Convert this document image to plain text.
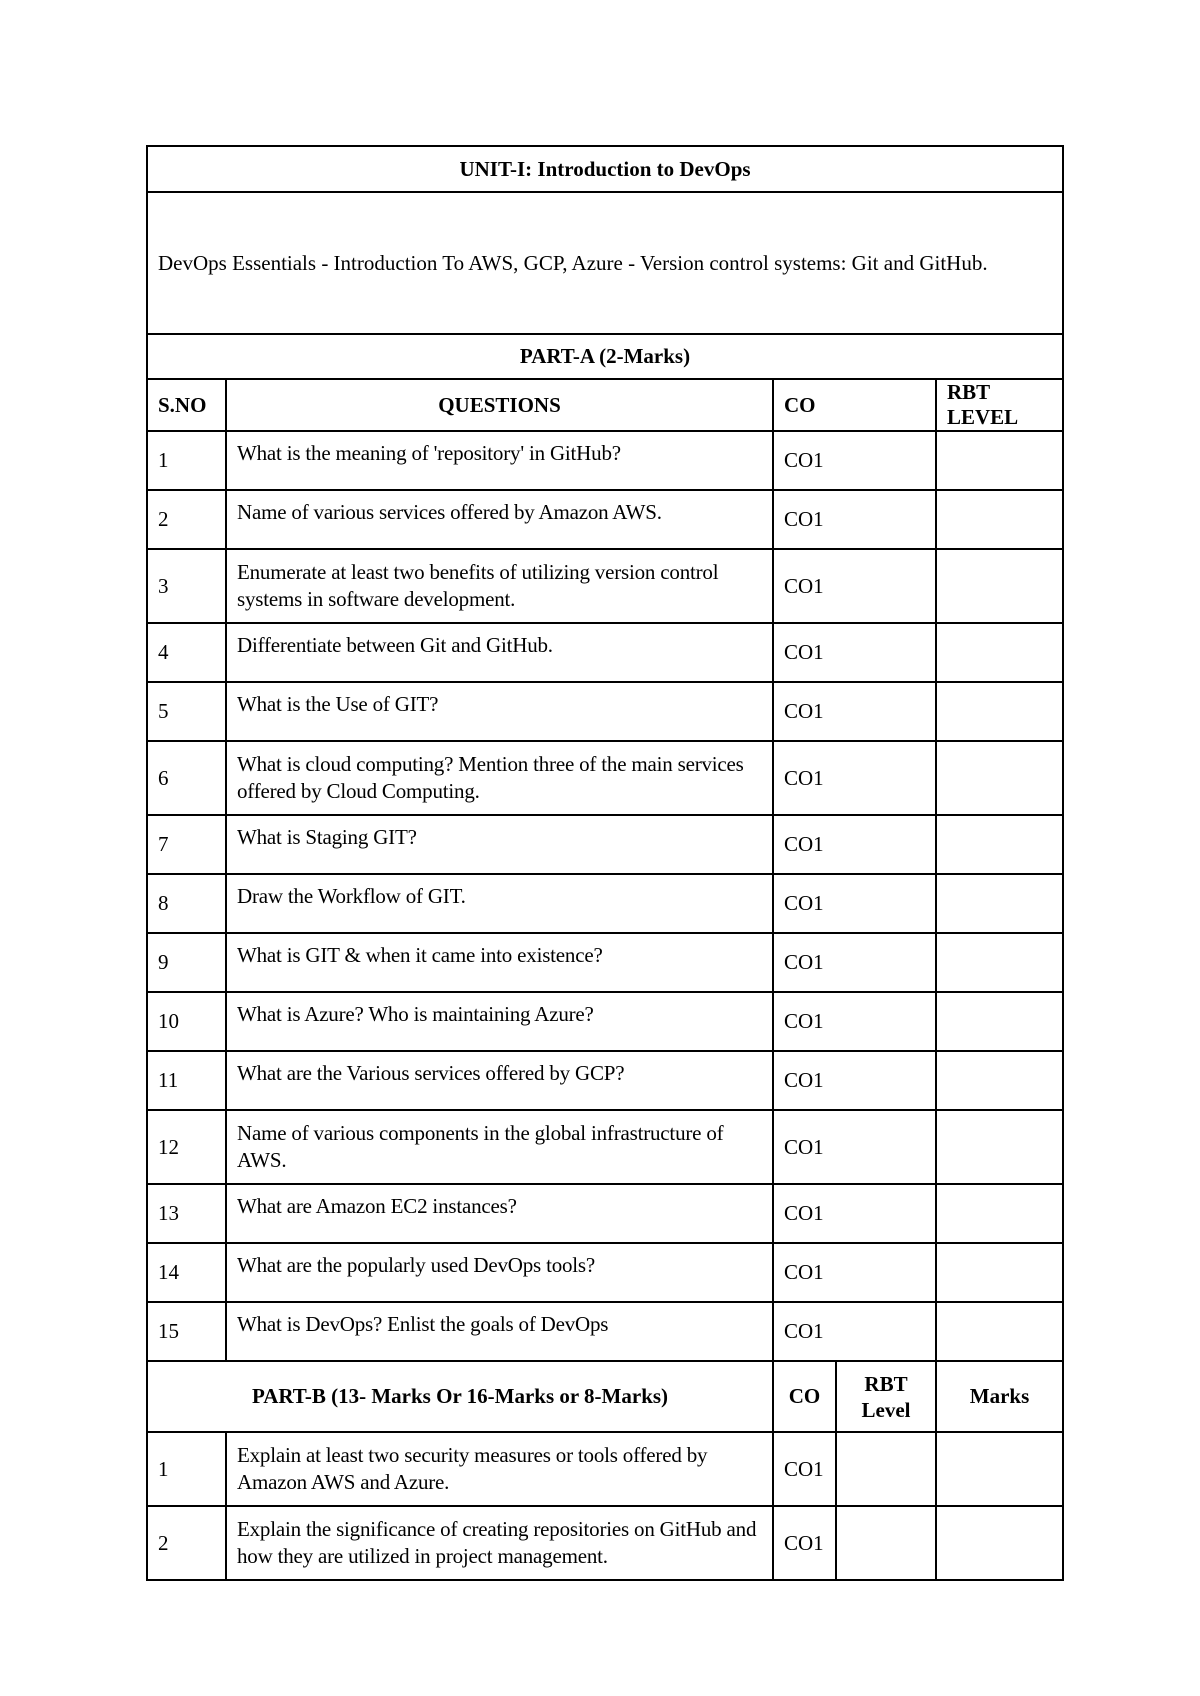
UNIT-I: Introduction to DevOps				
DevOps Essentials - Introduction To AWS, GCP, Azure - Version control systems: Git and GitHub.				
PART-A (2-Marks)				
S.NO	QUESTIONS	CO		RBT LEVEL
1	What is the meaning of 'repository' in GitHub?	CO1		
2	Name of various services offered by Amazon AWS.	CO1		
3	Enumerate at least two benefits of utilizing version control systems in software development.	CO1		
4	Differentiate between Git and GitHub.	CO1		
5	What is the Use of GIT?	CO1		
6	What is cloud computing? Mention three of the main services offered by Cloud Computing.	CO1		
7	What is Staging GIT?	CO1		
8	Draw the Workflow of GIT.	CO1		
9	What is GIT & when it came into existence?	CO1		
10	What is Azure? Who is maintaining Azure?	CO1		
11	What are the Various services offered by GCP?	CO1		
12	Name of various components in the global infrastructure of AWS.	CO1		
13	What are Amazon EC2 instances?	CO1		
14	What are the popularly used DevOps tools?	CO1		
15	What is DevOps? Enlist the goals of DevOps	CO1		
PART-B (13- Marks Or 16-Marks or 8-Marks)		CO	RBT Level	Marks
1	Explain at least two security measures or tools offered by Amazon AWS and Azure.	CO1		
2	Explain the significance of creating repositories on GitHub and how they are utilized in project management.	CO1		
